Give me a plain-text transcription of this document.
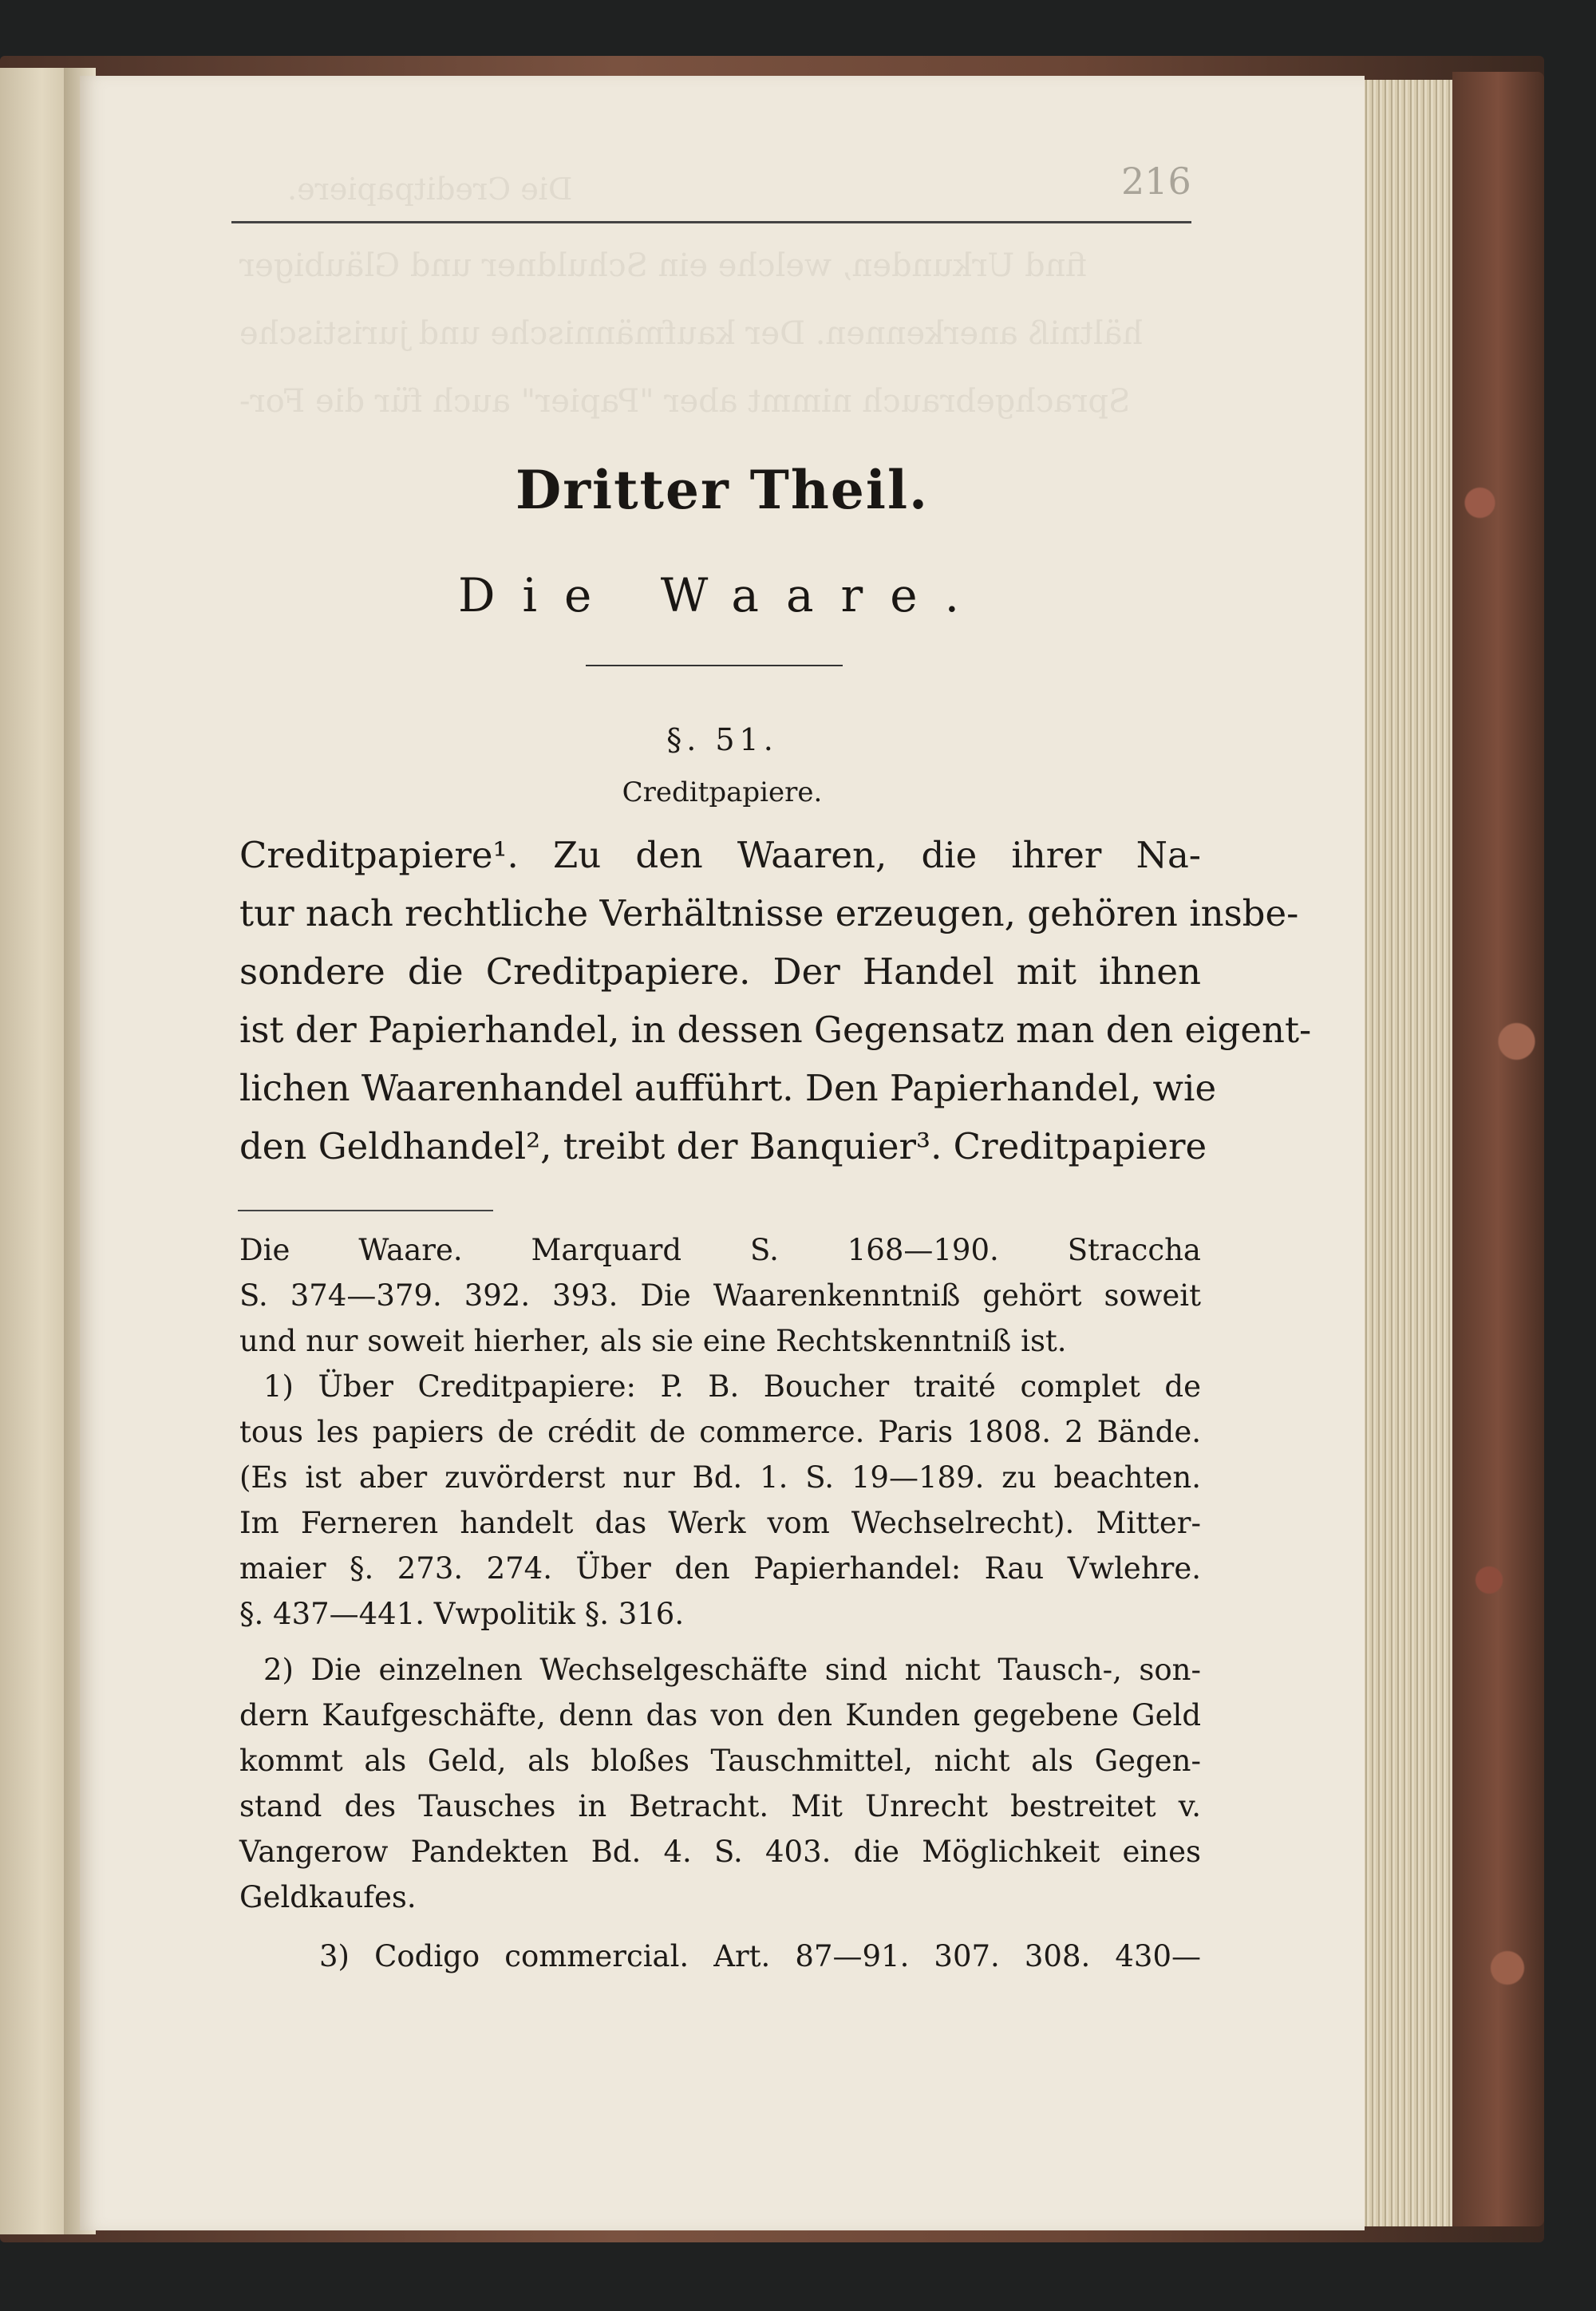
Die Creditpapiere.
find Urkunden, welche ein Schuldner und Gläubiger
hältniß anerkennen. Der kaufmännische und juristische
Sprachgebrauch nimmt aber "Papier" auch für die For-
216
Dritter Theil.
Die Waare.
§. 51.
Creditpapiere.
Creditpapiere¹. Zu den Waaren, die ihrer Na-
tur nach rechtliche Verhältnisse erzeugen, gehören insbe-
sondere die Creditpapiere. Der Handel mit ihnen
ist der Papierhandel, in dessen Gegensatz man den eigent-
lichen Waarenhandel aufführt. Den Papierhandel, wie
den Geldhandel², treibt der Banquier³. Creditpapiere
Die Waare. Marquard S. 168—190. Straccha
S. 374—379. 392. 393. Die Waarenkenntniß gehört soweit
und nur soweit hierher, als sie eine Rechtskenntniß ist.
1) Über Creditpapiere: P. B. Boucher traité complet de
tous les papiers de crédit de commerce. Paris 1808. 2 Bände.
(Es ist aber zuvörderst nur Bd. 1. S. 19—189. zu beachten.
Im Ferneren handelt das Werk vom Wechselrecht). Mitter-
maier §. 273. 274. Über den Papierhandel: Rau Vwlehre.
§. 437—441. Vwpolitik §. 316.
2) Die einzelnen Wechselgeschäfte sind nicht Tausch-, son-
dern Kaufgeschäfte, denn das von den Kunden gegebene Geld
kommt als Geld, als bloßes Tauschmittel, nicht als Gegen-
stand des Tausches in Betracht. Mit Unrecht bestreitet v.
Vangerow Pandekten Bd. 4. S. 403. die Möglichkeit eines
Geldkaufes.
3) Codigo commercial. Art. 87—91. 307. 308. 430—
